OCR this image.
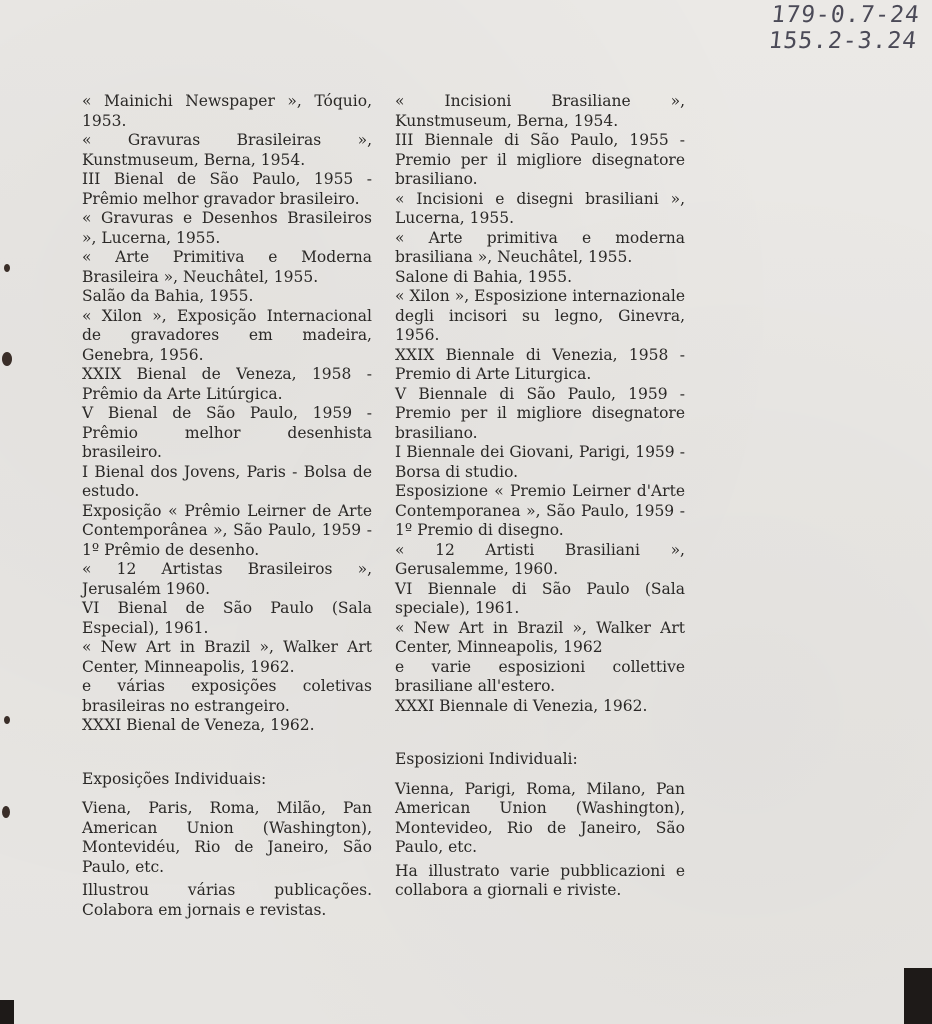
179-0.7-24
155.2-3.24

« Mainichi Newspaper », Tóquio, 1953.

« Gravuras Brasileiras », Kunstmuseum, Berna, 1954.

III Bienal de São Paulo, 1955 - Prêmio melhor gravador brasileiro.

« Gravuras e Desenhos Brasileiros », Lucerna, 1955.

« Arte Primitiva e Moderna Brasileira », Neuchâtel, 1955.

Salão da Bahia, 1955.

« Xilon », Exposição Internacional de gravadores em madeira, Genebra, 1956.

XXIX Bienal de Veneza, 1958 - Prêmio da Arte Litúrgica.

V Bienal de São Paulo, 1959 - Prêmio melhor desenhista brasileiro.

I Bienal dos Jovens, Paris - Bolsa de estudo.

Exposição « Prêmio Leirner de Arte Contemporânea », São Paulo, 1959 - 1º Prêmio de desenho.

« 12 Artistas Brasileiros », Jerusalém 1960.

VI Bienal de São Paulo (Sala Especial), 1961.

« New Art in Brazil », Walker Art Center, Minneapolis, 1962.

e várias exposições coletivas brasileiras no estrangeiro.

XXXI Bienal de Veneza, 1962.

Exposições Individuais:

Viena, Paris, Roma, Milão, Pan American Union (Washington), Montevidéu, Rio de Janeiro, São Paulo, etc.

Illustrou várias publicações. Colabora em jornais e revistas.

« Incisioni Brasiliane », Kunstmuseum, Berna, 1954.

III Biennale di São Paulo, 1955 - Premio per il migliore disegnatore brasiliano.

« Incisioni e disegni brasiliani », Lucerna, 1955.

« Arte primitiva e moderna brasiliana », Neuchâtel, 1955.

Salone di Bahia, 1955.

« Xilon », Esposizione internazionale degli incisori su legno, Ginevra, 1956.

XXIX Biennale di Venezia, 1958 - Premio di Arte Liturgica.

V Biennale di São Paulo, 1959 - Premio per il migliore disegnatore brasiliano.

I Biennale dei Giovani, Parigi, 1959 - Borsa di studio.

Esposizione « Premio Leirner d'Arte Contemporanea », São Paulo, 1959 - 1º Premio di disegno.

« 12 Artisti Brasiliani », Gerusalemme, 1960.

VI Biennale di São Paulo (Sala speciale), 1961.

« New Art in Brazil », Walker Art Center, Minneapolis, 1962

e varie esposizioni collettive brasiliane all'estero.

XXXI Biennale di Venezia, 1962.

Esposizioni Individuali:

Vienna, Parigi, Roma, Milano, Pan American Union (Washington), Montevideo, Rio de Janeiro, São Paulo, etc.

Ha illustrato varie pubblicazioni e collabora a giornali e riviste.
